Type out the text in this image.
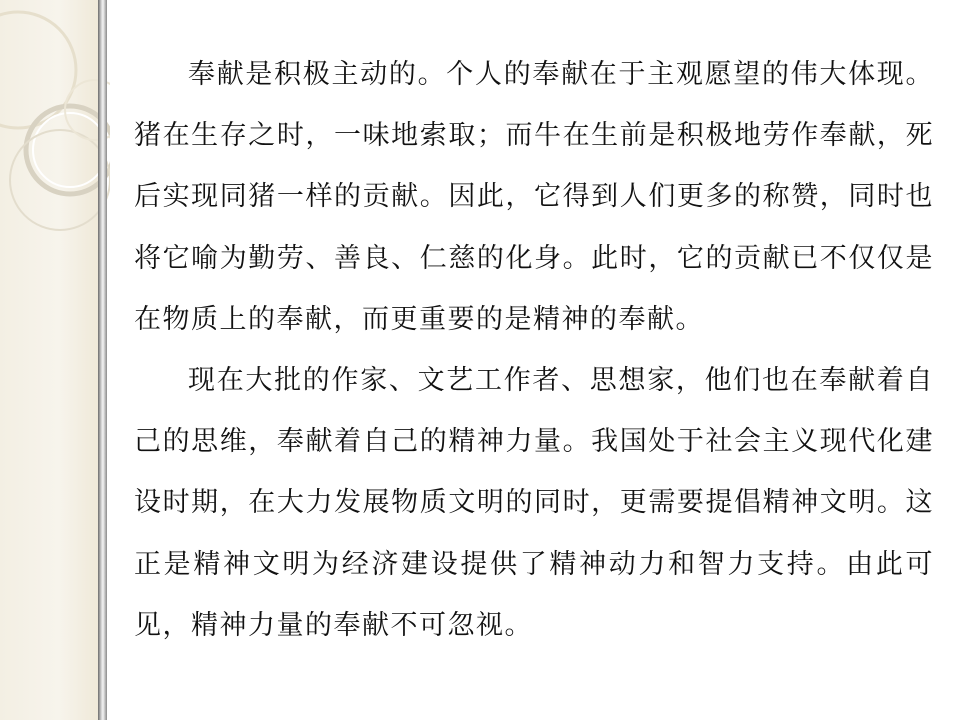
奉献是积极主动的。个人的奉献在于主观愿望的伟大体现。猪在生存之时，一味地索取；而牛在生前是积极地劳作奉献，死后实现同猪一样的贡献。因此，它得到人们更多的称赞，同时也将它喻为勤劳、善良、仁慈的化身。此时，它的贡献已不仅仅是在物质上的奉献，而更重要的是精神的奉献。

现在大批的作家、文艺工作者、思想家，他们也在奉献着自己的思维，奉献着自己的精神力量。我国处于社会主义现代化建设时期，在大力发展物质文明的同时，更需要提倡精神文明。这正是精神文明为经济建设提供了精神动力和智力支持。由此可见，精神力量的奉献不可忽视。
